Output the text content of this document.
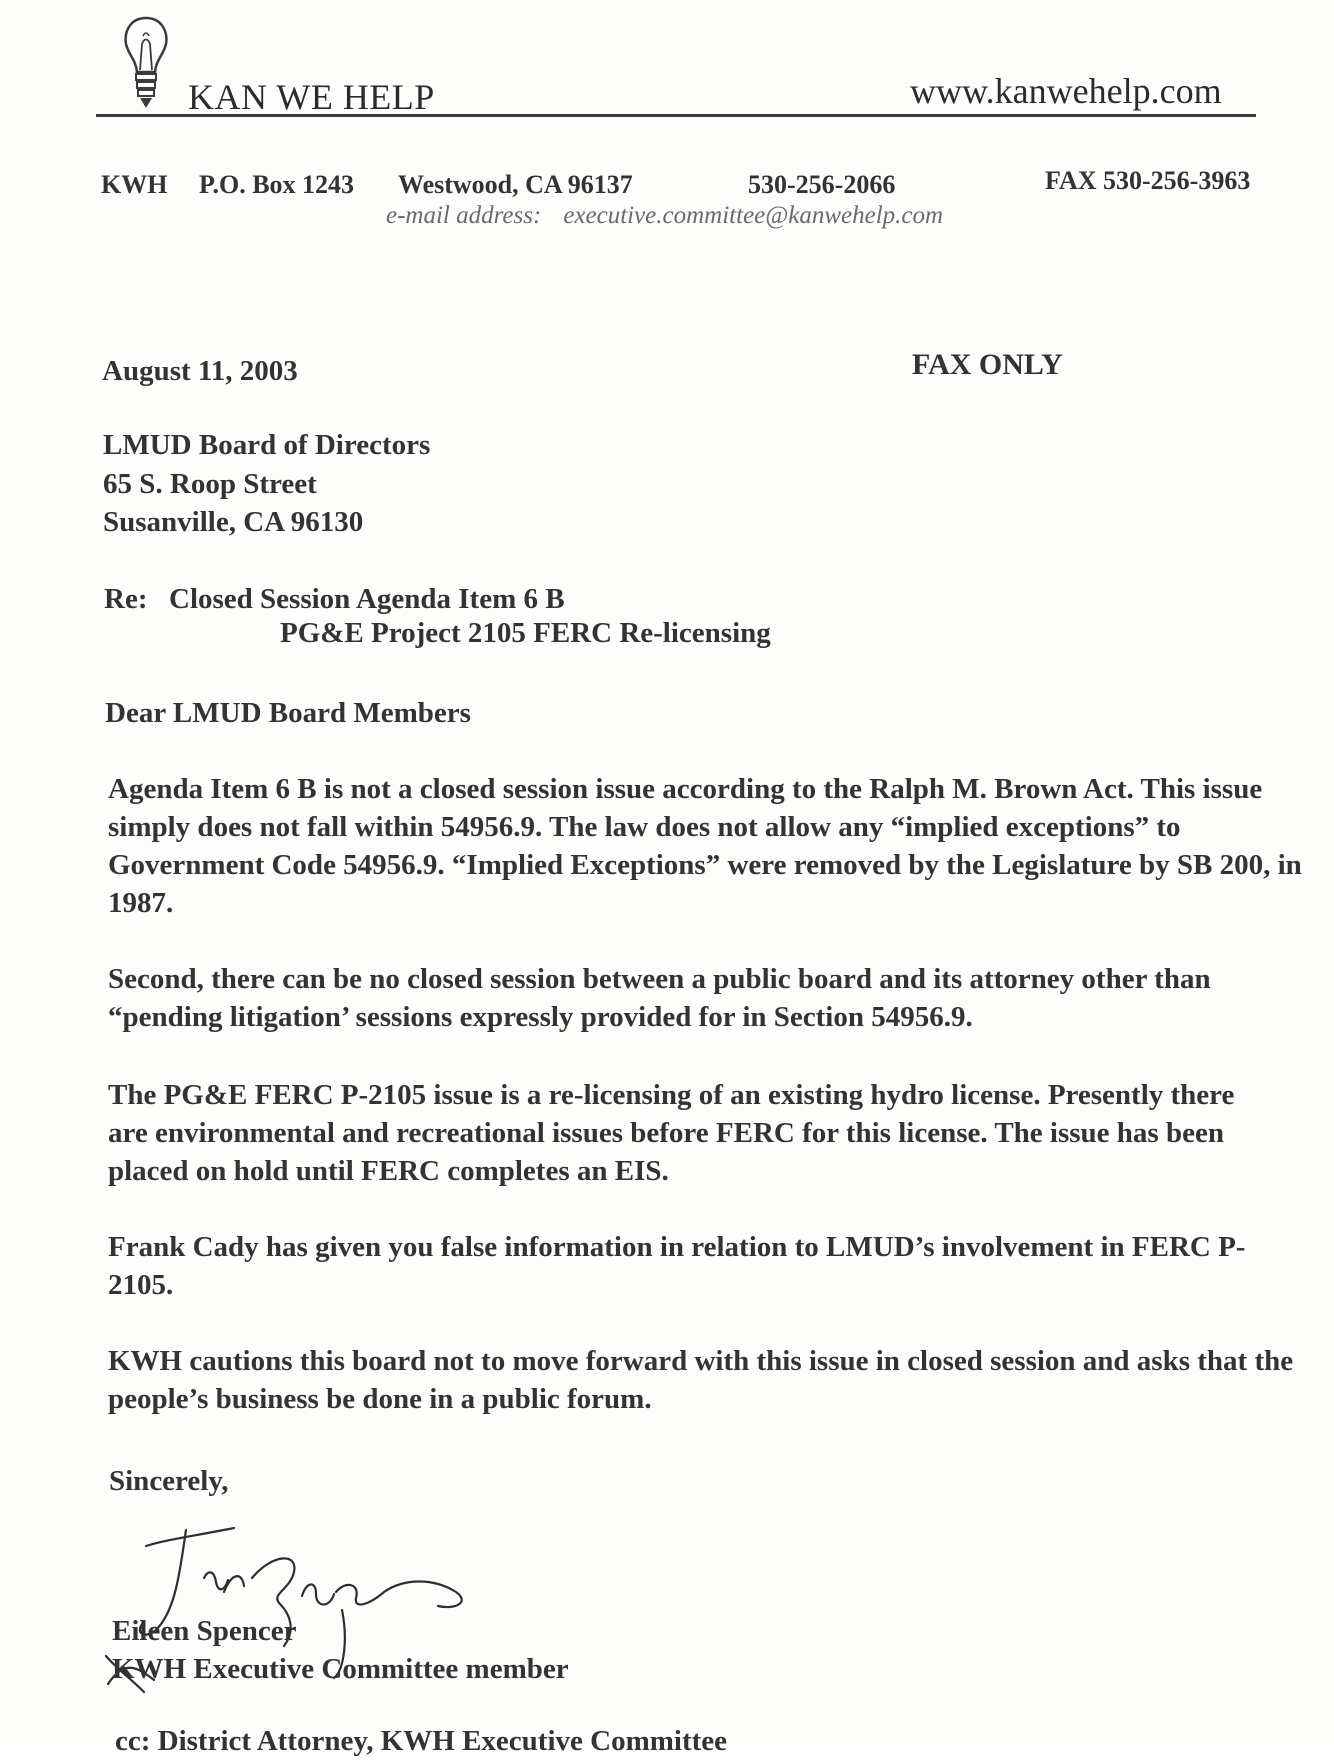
KAN WE HELP	www.kanwehelp.com
KWH P.O. Box 1243 Westwood, CA 96137	530-256-2066	FAX 530-256-3963
e-mail address: executive.committee@kanwehelp.com
August 11, 2003	FAX ONLY
LMUD Board of Directors
65 S. Roop Street
Susanville, CA 96130
Re: Closed Session Agenda Item 6 B
PG&E Project 2105 FERC Re-licensing
Dear LMUD Board Members
Agenda Item 6 B is not a closed session issue according to the Ralph M. Brown Act. This issue simply does not fall within 54956.9. The law does not allow any “implied exceptions” to Government Code 54956.9. “Implied Exceptions” were removed by the Legislature by SB 200, in 1987.
Second, there can be no closed session between a public board and its attorney other than “pending litigation’ sessions expressly provided for in Section 54956.9.
The PG&E FERC P-2105 issue is a re-licensing of an existing hydro license. Presently there are environmental and recreational issues before FERC for this license. The issue has been placed on hold until FERC completes an EIS.
Frank Cady has given you false information in relation to LMUD’s involvement in FERC P-2105.
KWH cautions this board not to move forward with this issue in closed session and asks that the people’s business be done in a public forum.
Sincerely,
Eileen Spencer
KWH Executive Committee member
cc: District Attorney, KWH Executive Committee
